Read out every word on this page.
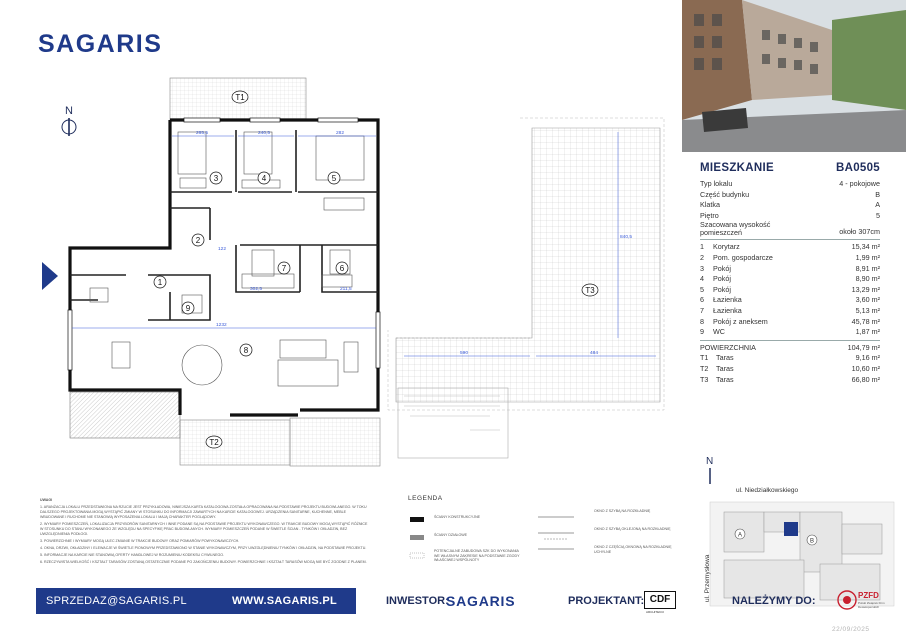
SAGARIS
265,5	240,5	282
122
302,5	211,5
1232
590	484
840,5
3	4	5
2
1
7	6
8
9
T1
T2
T3
N
MIESZKANIE	BA0505
Typ lokalu	4 - pokojowe
Część budynku	B
Klatka	A
Piętro	5
Szacowana wysokość pomieszczeń	około 307cm
1	Korytarz	15,34 m²
2	Pom. gospodarcze	1,99 m²
3	Pokój	8,91 m²
4	Pokój	8,90 m²
5	Pokój	13,29 m²
6	Łazienka	3,60 m²
7	Łazienka	5,13 m²
8	Pokój z aneksem	45,78 m²
9	WC	1,87 m²
POWIERZCHNIA	104,79 m²
T1	Taras	9,16 m²
T2	Taras	10,60 m²
T3	Taras	66,80 m²
N
ul. Niedziałkowskiego
A
B
ul. Przemysłowa
UWAGI

1. ARANŻACJA LOKALU PRZEDSTAWIONA NA RZUCIE JEST PRZYKŁADOWA, NINIEJSZA KARTA KATALOGOWA ZOSTAŁA OPRACOWANA NA PODSTAWIE PROJEKTU BUDOWLANEGO. W TOKU DALSZEGO PROJEKTOWANIA MOGĄ WYSTĄPIĆ ZMIANY W STOSUNKU DO INFORMACJI ZAWARTYCH NA KARCIE KATALOGOWEJ. URZĄDZENIA SANITARNE, KUCHENNE, MEBLE WBUDOWANE I RUCHOME NIE STANOWIĄ WYPOSAŻENIA LOKALU I MAJĄ CHARAKTER POGLĄDOWY.

2. WYMIARY POMIESZCZEŃ, LOKALIZACJA PRZYBORÓW SANITARNYCH I INNE PODANE SĄ NA PODSTAWIE PROJEKTU WYKONAWCZEGO. W TRAKCIE BUDOWY MOGĄ WYSTĄPIĆ RÓŻNICE W STOSUNKU DO STANU WYKONANEGO ZE WZGLĘDU NA SPECYFIKĘ PRAC BUDOWLANYCH. WYMIARY POMIESZCZEŃ PODANE W ŚWIETLE ŚCIAN - TYNKÓW I OKŁADZIN, BEZ UWZGLĘDNIENIA PODŁOGI.

3. POWIERZCHNIE I WYMIARY MOGĄ ULEC ZMIANIE W TRAKCIE BUDOWY ORAZ POMIARÓW POWYKONAWCZYCH.

4. OKNA, DRZWI, OKŁADZINY I ELEWACJE W ŚWIETLE PIONOWYM PRZEDSTAWIONO W STANIE WYKONAWCZYM, PRZY UWZGLĘDNIENIU TYNKÓW I OKŁADZIN, NA PODSTAWIE PROJEKTU.

5. INFORMACJE NA KARCIE NIE STANOWIĄ OFERTY HANDLOWEJ W ROZUMIENIU KODEKSU CYWILNEGO.

6. RZECZYWISTA WIELKOŚĆ I KSZTAŁT TARASÓW ZOSTANĄ OSTATECZNIE PODANE PO ZAKOŃCZENIU BUDOWY. POWIERZCHNIE I KSZTAŁT TARASÓW MOGĄ NIE BYĆ ZGODNE Z PLANEM.

LEGENDA
ŚCIANY KONSTRUKCYJNE
ŚCIANY DZIAŁOWE
POTENCJALNE ZABUDOWA SZK DO WYKONANIA WE WŁASNYM ZAKRESIE NA PODSTAWIE ZGODY WŁAŚCIWEJ WSPÓLNOTY
OKNO Z SZYBĄ NA ROZKŁADNIĘ
OKNO Z SZYBĄ OKLEJONĄ NA ROZKŁADNIĘ
OKNO Z CZĘŚCIĄ OKNOWĄ NA ROZKŁADNIĘ UCHYLNE
SPRZEDAZ@SAGARIS.PL	WWW.SAGARIS.PL	INWESTOR:
SAGARIS	PROJEKTANT: CDF
ARCHITEKCI
NALEŻYMY DO:	PZFD
Polski Związek Firm Deweloperskich
22/09/2025
